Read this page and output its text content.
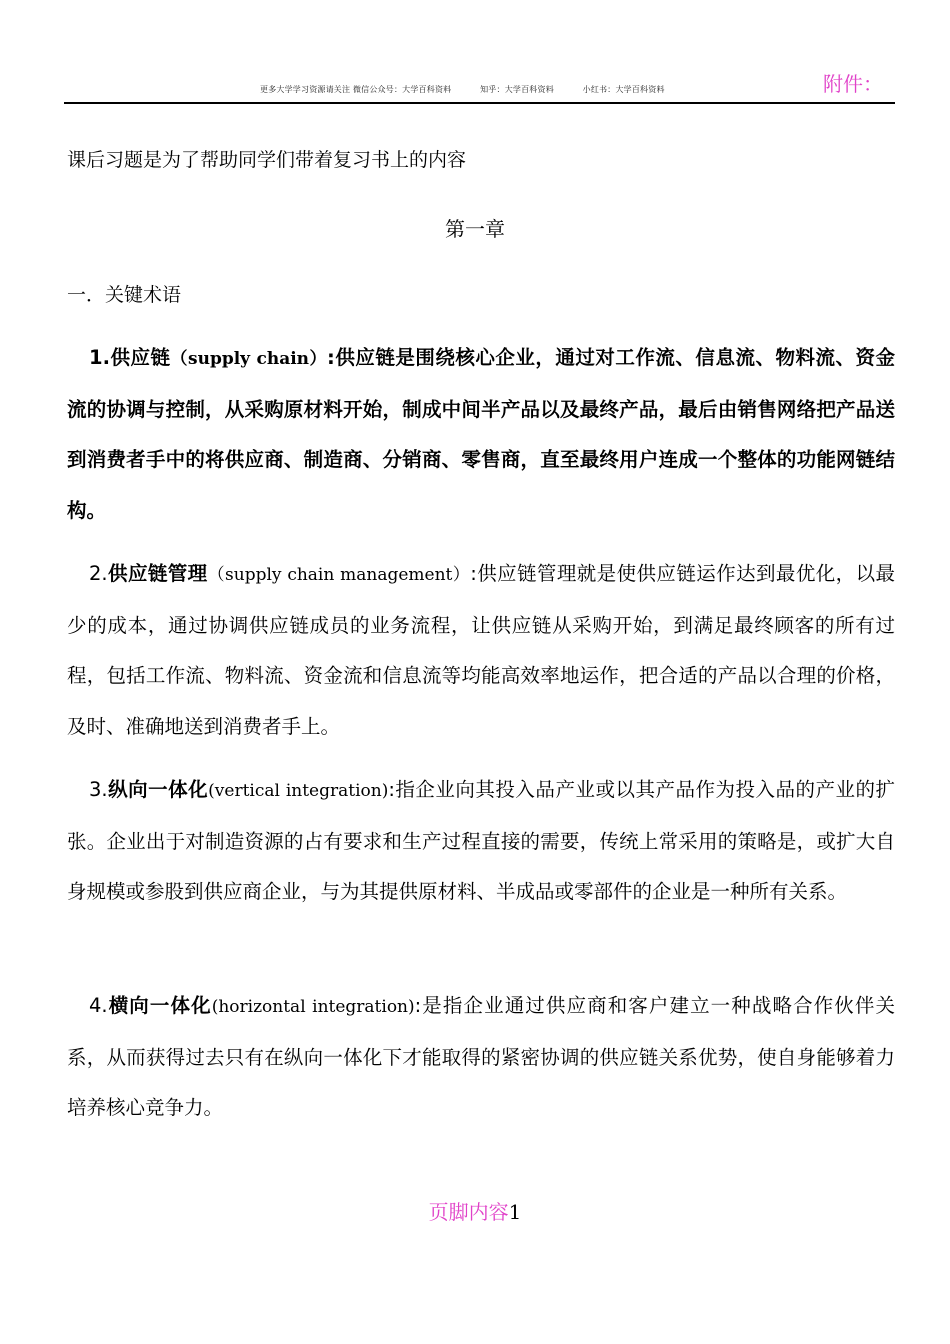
更多大学学习资源请关注 微信公众号：大学百科资料	知乎：大学百科资料	小红书：大学百科资料	附件：
课后习题是为了帮助同学们带着复习书上的内容
第一章
一．关键术语
1.供应链（supply chain）:供应链是围绕核心企业，通过对工作流、信息流、物料流、资金流的协调与控制，从采购原材料开始，制成中间半产品以及最终产品，最后由销售网络把产品送到消费者手中的将供应商、制造商、分销商、零售商，直至最终用户连成一个整体的功能网链结构。
2.供应链管理（supply chain management）:供应链管理就是使供应链运作达到最优化，以最少的成本，通过协调供应链成员的业务流程，让供应链从采购开始，到满足最终顾客的所有过程，包括工作流、物料流、资金流和信息流等均能高效率地运作，把合适的产品以合理的价格，及时、准确地送到消费者手上。
3.纵向一体化(vertical integration):指企业向其投入品产业或以其产品作为投入品的产业的扩张。企业出于对制造资源的占有要求和生产过程直接的需要，传统上常采用的策略是，或扩大自身规模或参股到供应商企业，与为其提供原材料、半成品或零部件的企业是一种所有关系。
4.横向一体化(horizontal integration):是指企业通过供应商和客户建立一种战略合作伙伴关系，从而获得过去只有在纵向一体化下才能取得的紧密协调的供应链关系优势，使自身能够着力培养核心竞争力。
页脚内容1
